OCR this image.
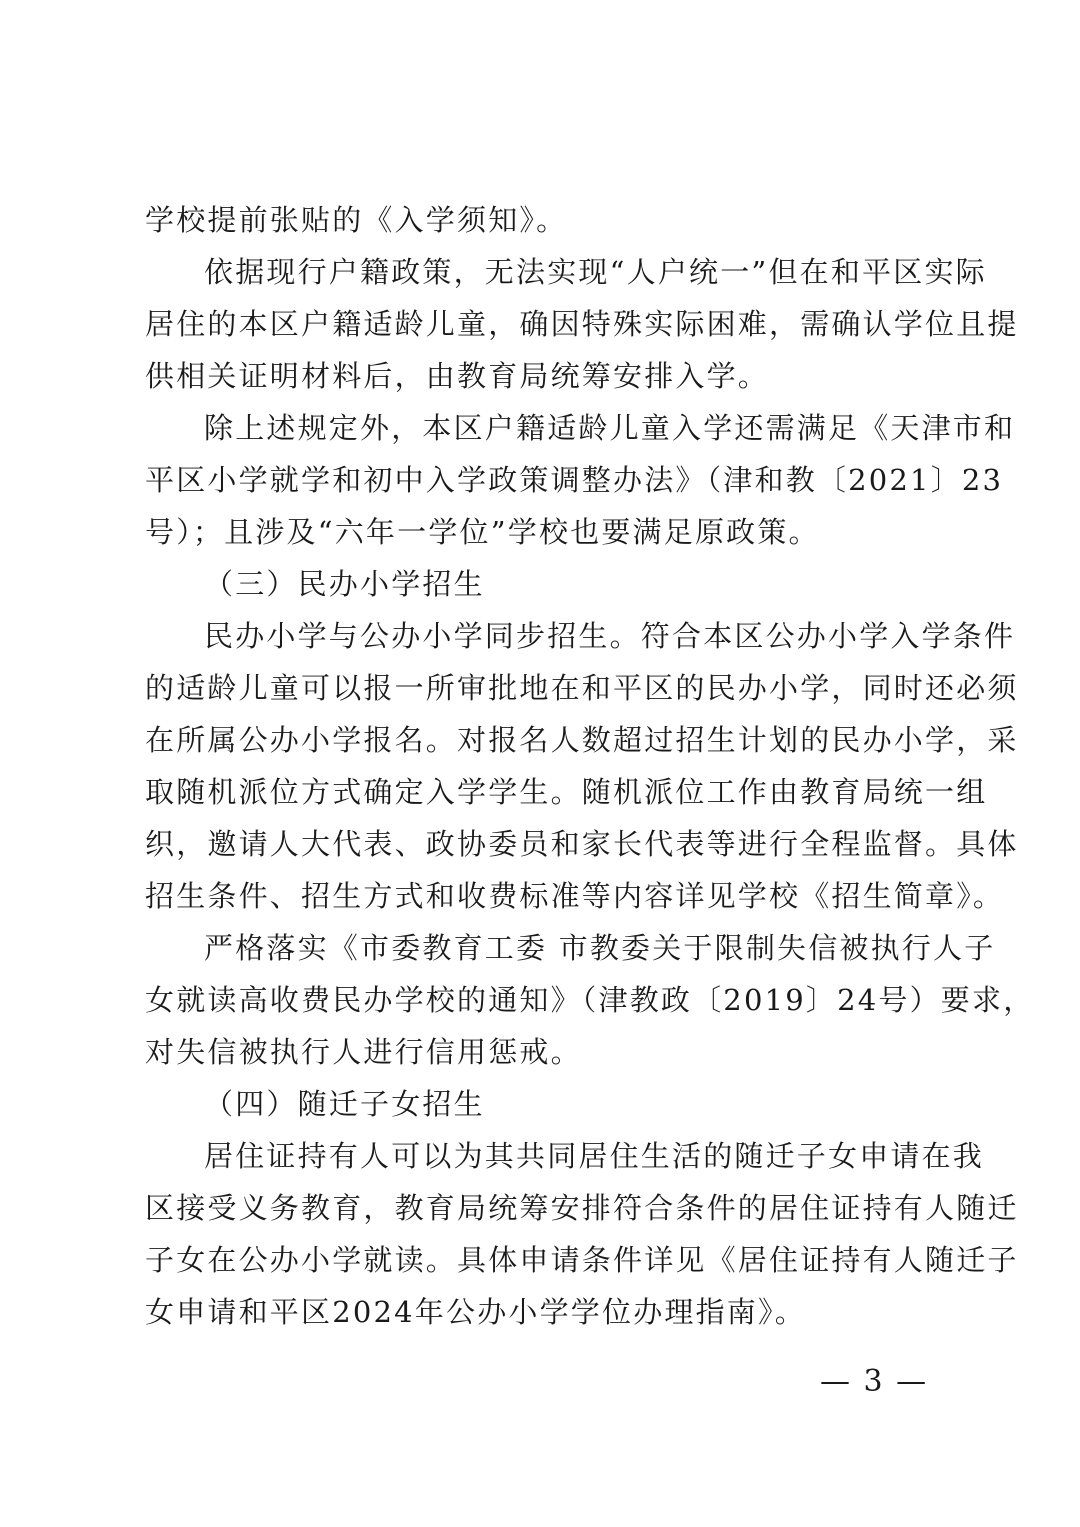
学校提前张贴的《入学须知》。
依据现行户籍政策，无法实现“人户统一”但在和平区实际
居住的本区户籍适龄儿童，确因特殊实际困难，需确认学位且提
供相关证明材料后，由教育局统筹安排入学。
除上述规定外，本区户籍适龄儿童入学还需满足《天津市和
平区小学就学和初中入学政策调整办法》（津和教〔2021〕23
号）；且涉及“六年一学位”学校也要满足原政策。
（三）民办小学招生
民办小学与公办小学同步招生。符合本区公办小学入学条件
的适龄儿童可以报一所审批地在和平区的民办小学，同时还必须
在所属公办小学报名。对报名人数超过招生计划的民办小学，采
取随机派位方式确定入学学生。随机派位工作由教育局统一组
织，邀请人大代表、政协委员和家长代表等进行全程监督。具体
招生条件、招生方式和收费标准等内容详见学校《招生简章》。
严格落实《市委教育工委 市教委关于限制失信被执行人子
女就读高收费民办学校的通知》（津教政〔2019〕24号）要求，
对失信被执行人进行信用惩戒。
（四）随迁子女招生
居住证持有人可以为其共同居住生活的随迁子女申请在我
区接受义务教育，教育局统筹安排符合条件的居住证持有人随迁
子女在公办小学就读。具体申请条件详见《居住证持有人随迁子
女申请和平区2024年公办小学学位办理指南》。
— 3 —
